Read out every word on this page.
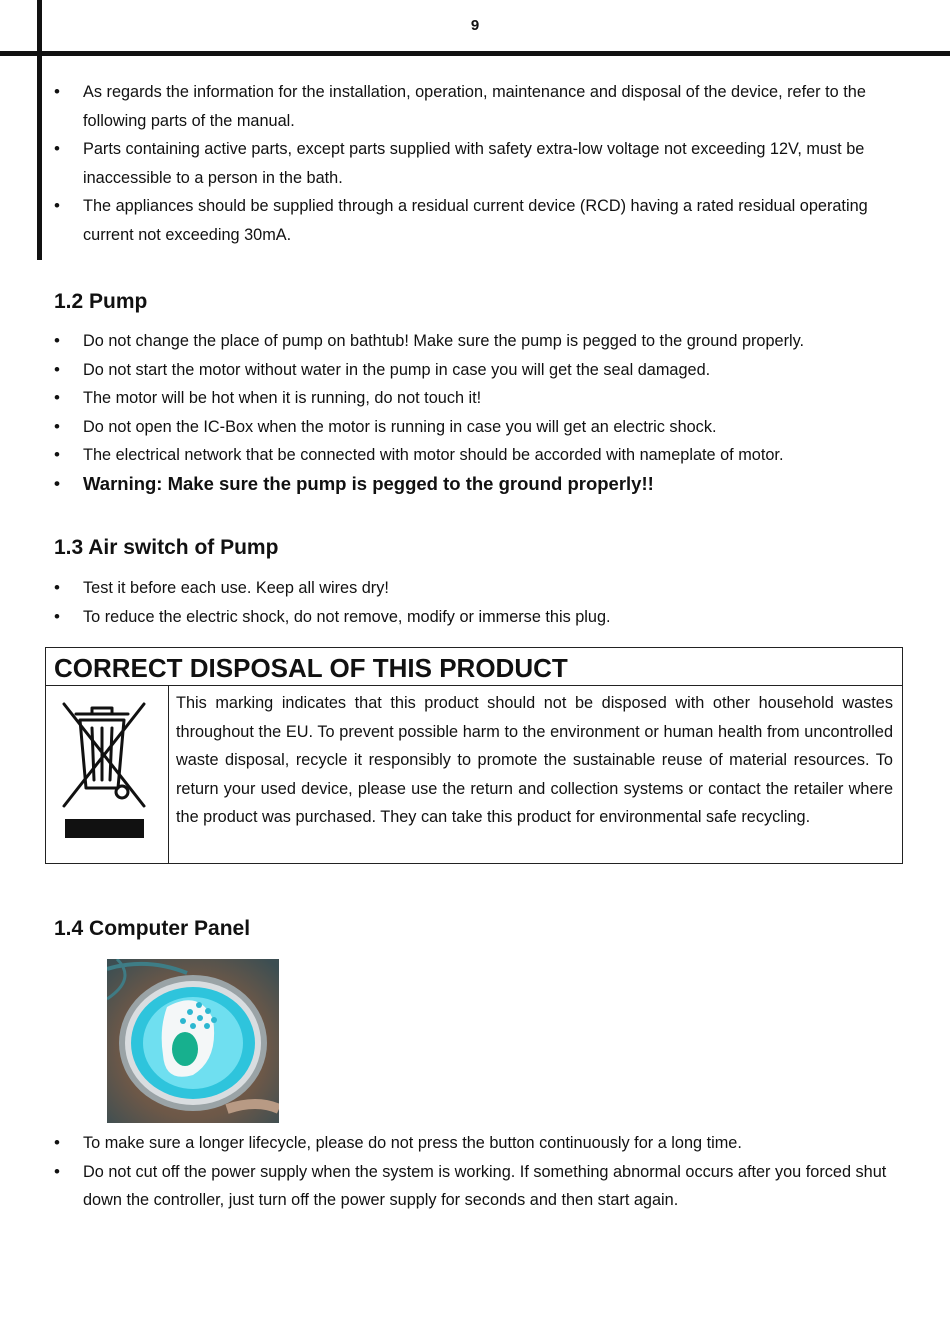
9
• As regards the information for the installation, operation, maintenance and disposal of the device, refer to the following parts of the manual.
• Parts containing active parts, except parts supplied with safety extra-low voltage not exceeding 12V, must be inaccessible to a person in the bath.
• The appliances should be supplied through a residual current device (RCD) having a rated residual operating current not exceeding 30mA.
1.2 Pump
• Do not change the place of pump on bathtub! Make sure the pump is pegged to the ground properly.
• Do not start the motor without water in the pump in case you will get the seal damaged.
• The motor will be hot when it is running, do not touch it!
• Do not open the IC-Box when the motor is running in case you will get an electric shock.
• The electrical network that be connected with motor should be accorded with nameplate of motor.
• Warning: Make sure the pump is pegged to the ground properly!!
1.3 Air switch of Pump
• Test it before each use. Keep all wires dry!
• To reduce the electric shock, do not remove, modify or immerse this plug.
CORRECT DISPOSAL OF THIS PRODUCT
This marking indicates that this product should not be disposed with other household wastes throughout the EU. To prevent possible harm to the environment or human health from uncontrolled waste disposal, recycle it responsibly to promote the sustainable reuse of material resources. To return your used device, please use the return and collection systems or contact the retailer where the product was purchased. They can take this product for environmental safe recycling.
1.4 Computer Panel
• To make sure a longer lifecycle, please do not press the button continuously for a long time.
• Do not cut off the power supply when the system is working. If something abnormal occurs after you forced shut down the controller, just turn off the power supply for seconds and then start again.
